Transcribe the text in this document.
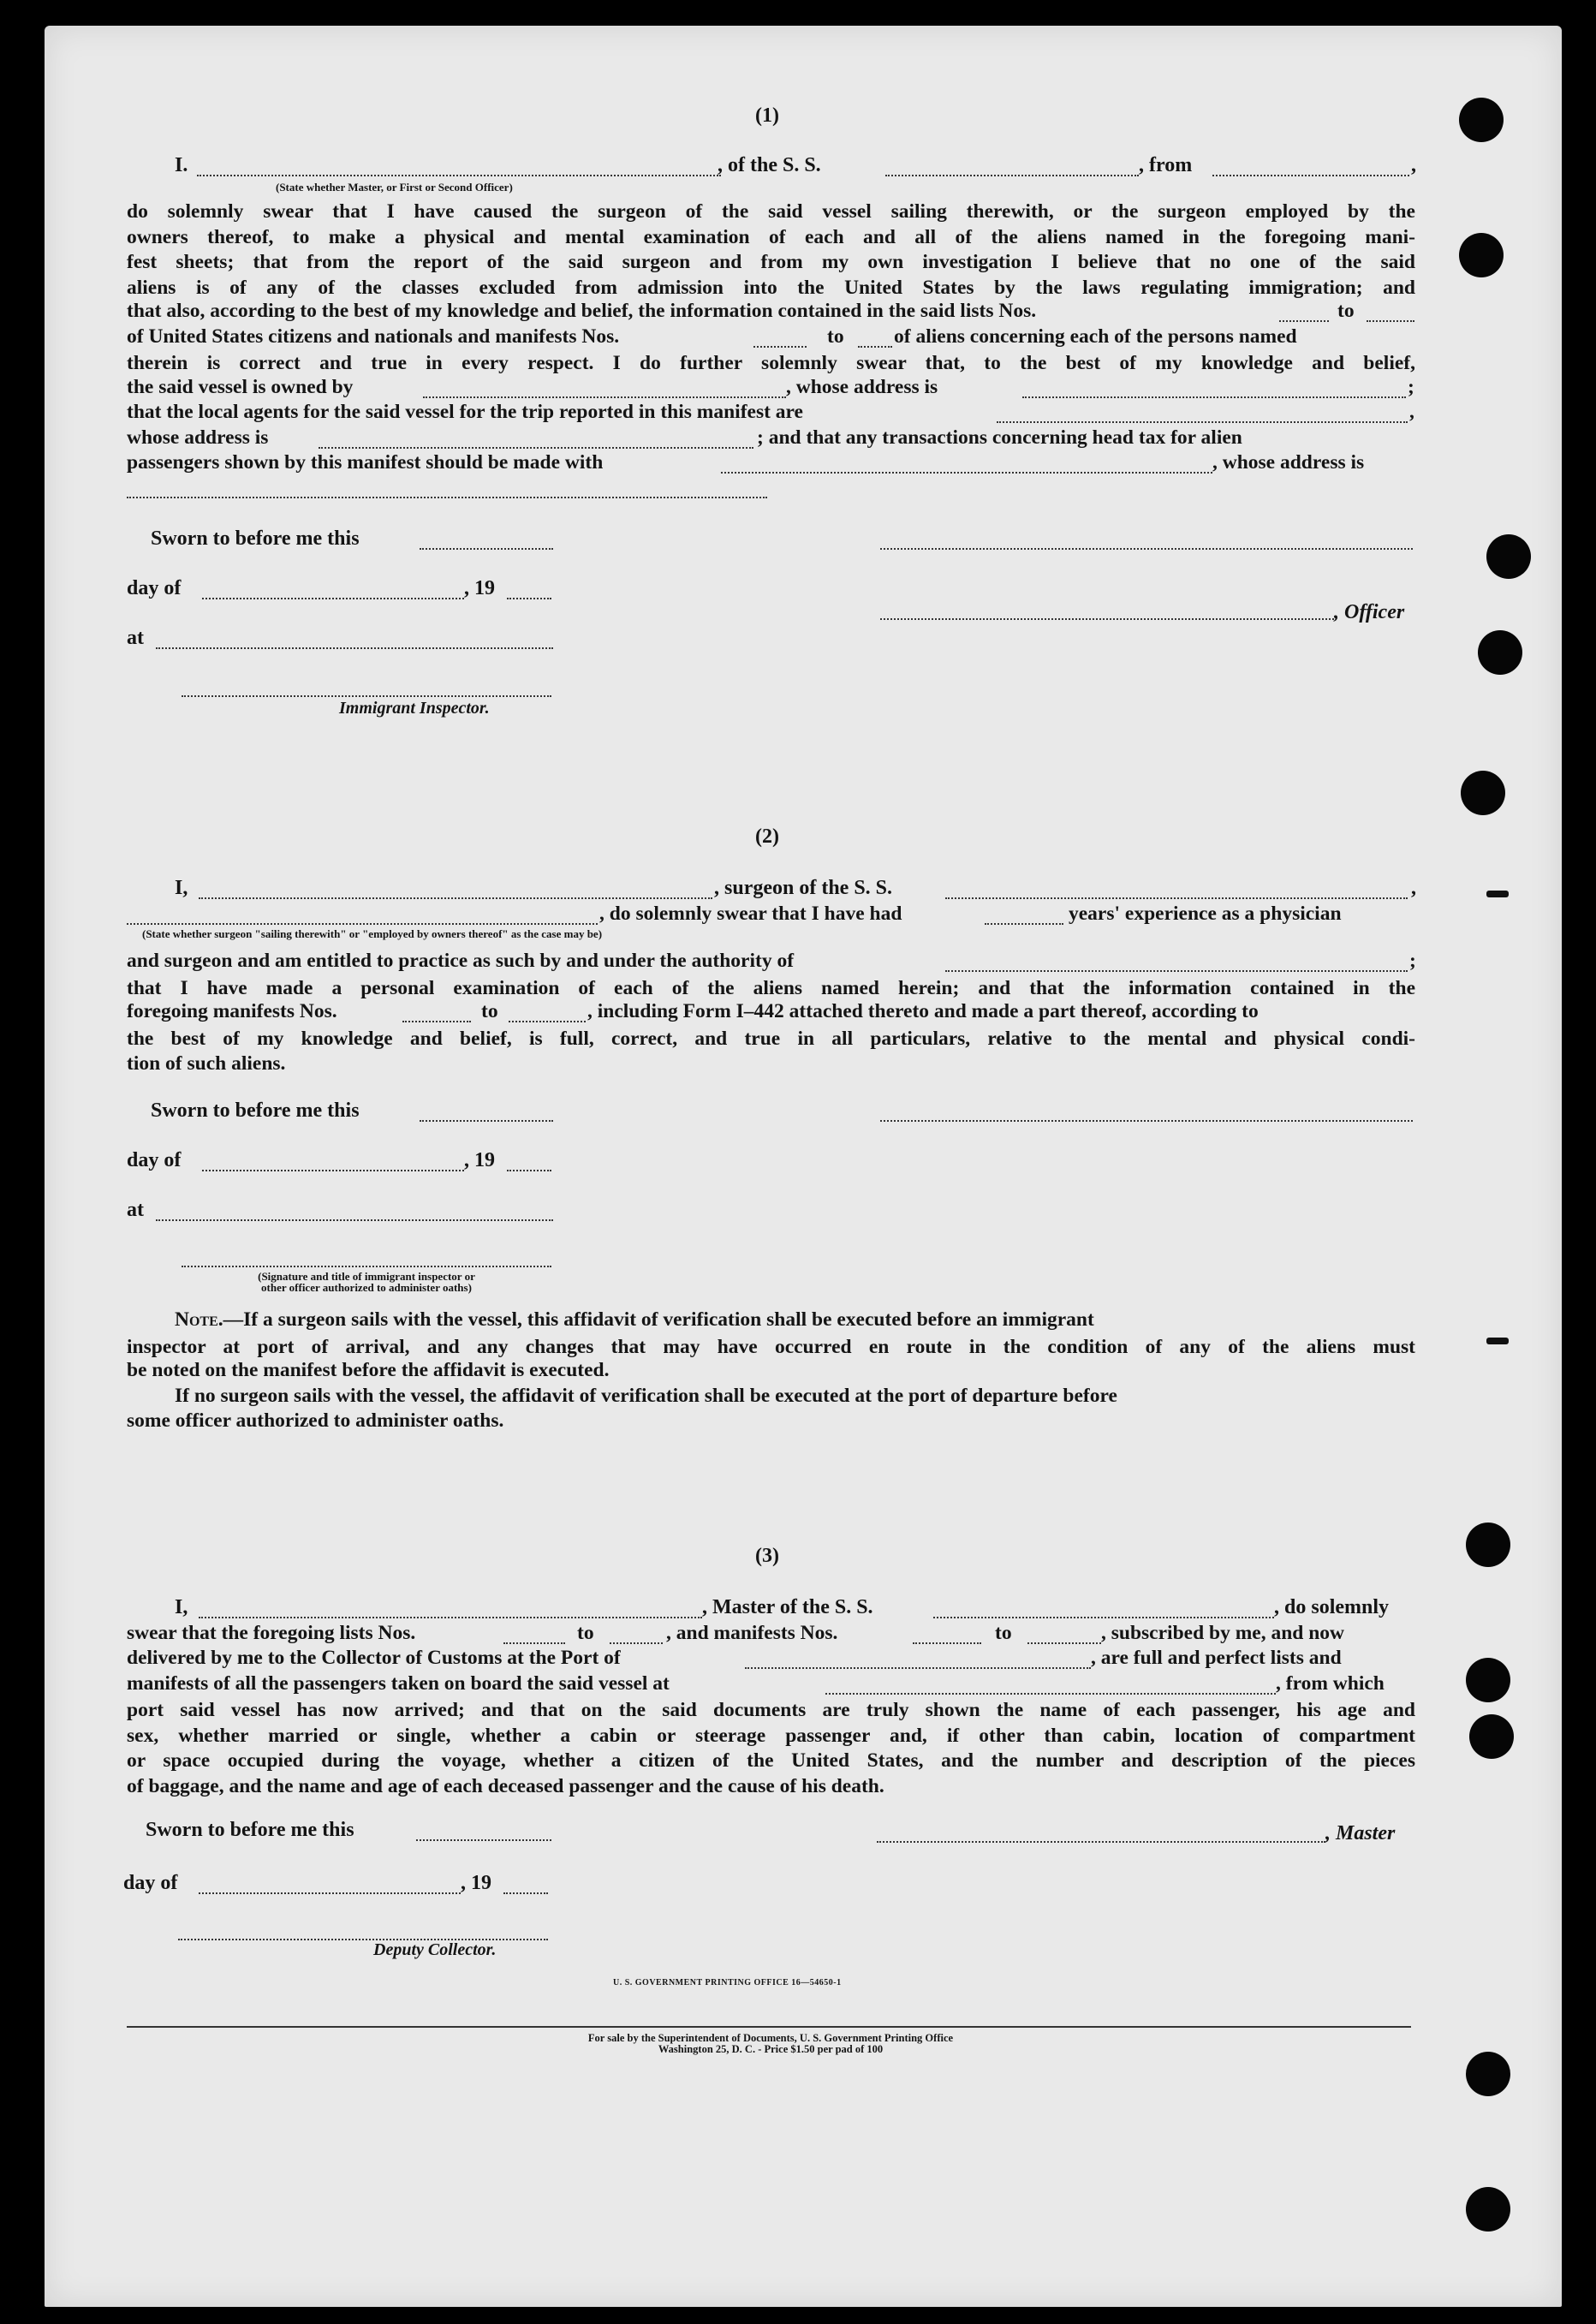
(1)
I.	, of the S. S.	, from	,
(State whether Master, or First or Second Officer)
do solemnly swear that I have caused the surgeon of the said vessel sailing therewith, or the surgeon employed by the
owners thereof, to make a physical and mental examination of each and all of the aliens named in the foregoing mani-
fest sheets; that from the report of the said surgeon and from my own investigation I believe that no one of the said
aliens is of any of the classes excluded from admission into the United States by the laws regulating immigration; and
that also, according to the best of my knowledge and belief, the information contained in the said lists Nos.	to
of United States citizens and nationals and manifests Nos.	to of aliens concerning each of the persons named
therein is correct and true in every respect. I do further solemnly swear that, to the best of my knowledge and belief,
the said vessel is owned by	, whose address is	;
that the local agents for the said vessel for the trip reported in this manifest are	,
whose address is	; and that any transactions concerning head tax for alien
passengers shown by this manifest should be made with	, whose address is
Sworn to before me this
day of	, 19
at
Immigrant Inspector.
, Officer
(2)
I,	, surgeon of the S. S.	,
, do solemnly swear that I have had	years' experience as a physician
(State whether surgeon "sailing therewith" or "employed by owners thereof" as the case may be)
and surgeon and am entitled to practice as such by and under the authority of	;
that I have made a personal examination of each of the aliens named herein; and that the information contained in the
foregoing manifests Nos.	to	, including Form I–442 attached thereto and made a part thereof, according to
the best of my knowledge and belief, is full, correct, and true in all particulars, relative to the mental and physical condi-
tion of such aliens.
Sworn to before me this
day of	, 19
at
(Signature and title of immigrant inspector or
other officer authorized to administer oaths)
Note.—If a surgeon sails with the vessel, this affidavit of verification shall be executed before an immigrant
inspector at port of arrival, and any changes that may have occurred en route in the condition of any of the aliens must
be noted on the manifest before the affidavit is executed.
If no surgeon sails with the vessel, the affidavit of verification shall be executed at the port of departure before
some officer authorized to administer oaths.
(3)
I,	, Master of the S. S.	, do solemnly
swear that the foregoing lists Nos.	to	, and manifests Nos.	to	, subscribed by me, and now
delivered by me to the Collector of Customs at the Port of	, are full and perfect lists and
manifests of all the passengers taken on board the said vessel at	, from which
port said vessel has now arrived; and that on the said documents are truly shown the name of each passenger, his age and
sex, whether married or single, whether a cabin or steerage passenger and, if other than cabin, location of compartment
or space occupied during the voyage, whether a citizen of the United States, and the number and description of the pieces
of baggage, and the name and age of each deceased passenger and the cause of his death.
Sworn to before me this
day of	, 19
Deputy Collector.
, Master
U. S. GOVERNMENT PRINTING OFFICE 16—54650-1
For sale by the Superintendent of Documents, U. S. Government Printing Office
Washington 25, D. C. - Price $1.50 per pad of 100
